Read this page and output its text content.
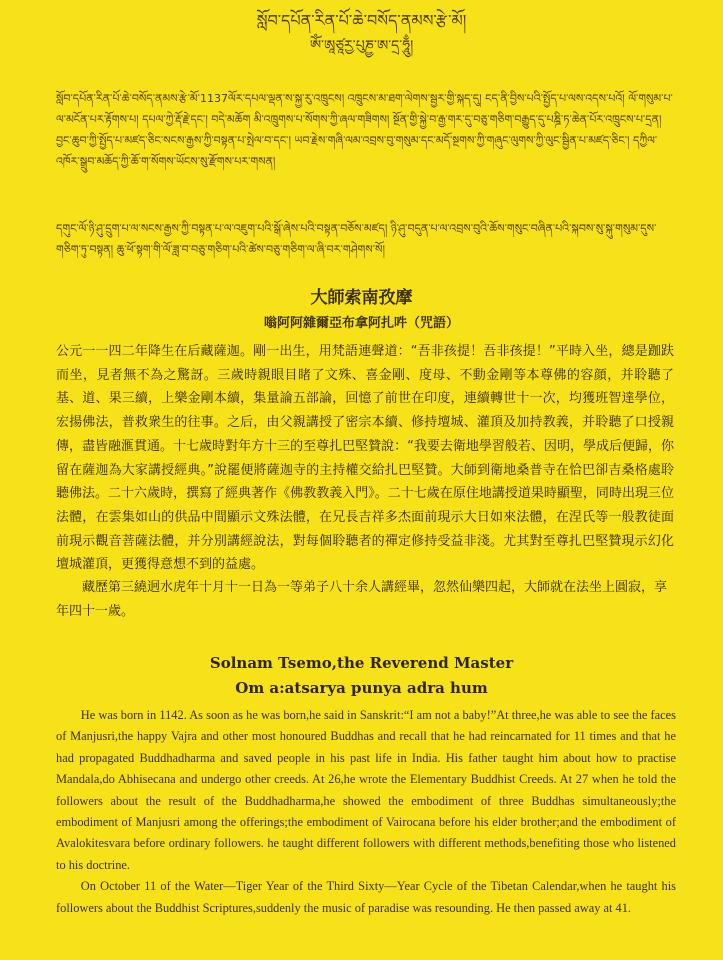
སློབ་དཔོན་རིན་པོ་ཆེ་བསོད་ནམས་རྩེ་མོ།
ཨོཾ་ཨཱཙཱརྱ་པུཎྱ་ཨ་དྲ་ཧཱུྃ།
སློབ་དཔོན་རིན་པོ་ཆེ་བསོད་ནམས་རྩེ་མོ་1137ལོར་དཔལ་ལྡན་ས་སྐྱ་རུ་འཁྲུངས། འཁྲུངས་མ་ཐག་ལེགས་སྦྱར་གྱི་སྐད་དུ། ངད་ནི་བྱིས་པའི་སྤྱོད་པ་ལས་འདས་པའོ། ལོ་གསུམ་པ་ལ་མངོན་པར་རྟོགས་པ། དཔལ་ཀྱེ་རྡོ་རྗེ་དང་། བདེ་མཆོག མི་འཁྲུགས་པ་སོགས་ཀྱི་ཞལ་གཟིགས། སྔོན་གྱི་སྐྱེ་བ་རྒྱ་གར་དུ་བཅུ་གཅིག་བརྒྱུད་དུ་པཎྜི་ཏ་ཆེན་པོར་འཁྲུངས་པ་དྲན། བྱང་ཆུབ་ཀྱི་སྤྱོད་པ་མཛད་ཅིང་སངས་རྒྱས་ཀྱི་བསྟན་པ་སྤེལ་བ་དང་། ཡབ་རྗེས་གཞི་ལམ་འབྲས་བུ་གསུམ་དང་མདོ་སྔགས་ཀྱི་གཞུང་ལུགས་ཀྱི་ལུང་སྦྱིན་པ་མཛད་ཅིང་། དཀྱིལ་འཁོར་སྒྲུབ་མཆོད་ཀྱི་ཆོ་ག་སོགས་ཡོངས་སུ་རྫོགས་པར་གསན།
དགུང་ལོ་ཉི་ཤུ་དྲུག་པ་ལ་སངས་རྒྱས་ཀྱི་བསྟན་པ་ལ་འཇུག་པའི་སྒོ་ཞེས་པའི་བསྟན་བཅོས་མཛད། ཉི་ཤུ་བདུན་པ་ལ་འབྲས་བུའི་ཆོས་གསུང་བཞིན་པའི་སྐབས་སུ་སྐུ་གསུམ་དུས་གཅིག་ཏུ་བསྟན། ཆུ་ཕོ་སྟག་གི་ལོ་ཟླ་བ་བཅུ་གཅིག་པའི་ཚེས་བཅུ་གཅིག་ལ་ཞི་བར་གཤེགས་སོ།
大師索南孜摩
嗡阿阿雜爾亞布拿阿扎吽（咒語）

公元一一四二年降生在后藏薩迦。剛一出生，用梵語連聲道：“吾非孩提！吾非孩提！”平時入坐，總是跏趺而坐，見者無不為之驚訝。三歲時親眼目睹了文殊、喜金剛、度母、不動金剛等本尊佛的容顔，并聆聽了基、道、果三續，上樂金剛本續，集量論五部論，回憶了前世在印度，連續轉世十一次，均獲班智達學位，宏揚佛法，普救衆生的往事。之后，由父親講授了密宗本續、修持壇城、灌頂及加持教義，并聆聽了口授親傳，盡皆融滙貫通。十七歲時對年方十三的至尊扎巴堅贊說：“我要去衛地學習般若、因明，學成后便歸，你留在薩迦為大家講授經典。”說罷便將薩迦寺的主持權交給扎巴堅贊。大師到衛地桑普寺在恰巴卻吉桑格處聆聽佛法。二十六歲時，撰寫了經典著作《佛教教義入門》。二十七歲在原住地講授道果時顯聖，同時出現三位法體，在雲集如山的供品中間顯示文殊法體，在兄長吉祥多杰面前現示大日如來法體，在涅氏等一般教徒面前現示觀音菩薩法體，并分別講經說法，對每個聆聽者的禪定修持受益非淺。尤其對至尊扎巴堅贊現示幻化壇城灌頂，更獲得意想不到的益處。

藏歷第三繞迥水虎年十月十一日為一等弟子八十余人講經畢，忽然仙樂四起，大師就在法坐上圓寂，享年四十一歲。

Solnam Tsemo,the Reverend Master
Om a:atsarya punya adra hum

He was born in 1142. As soon as he was born,he said in Sanskrit:“I am not a baby!”At three,he was able to see the faces of Manjusri,the happy Vajra and other most honoured Buddhas and recall that he had reincarnated for 11 times and that he had propagated Buddhadharma and saved people in his past life in India. His father taught him about how to practise Mandala,do Abhisecana and undergo other creeds. At 26,he wrote the Elementary Buddhist Creeds. At 27 when he told the followers about the result of the Buddhadharma,he showed the embodiment of three Buddhas simultaneously;the embodiment of Manjusri among the offerings;the embodiment of Vairocana before his elder brother;and the embodiment of Avalokitesvara before ordinary followers. he taught different followers with different methods,benefiting those who listened to his doctrine.

On October 11 of the Water—Tiger Year of the Third Sixty—Year Cycle of the Tibetan Calendar,when he taught his followers about the Buddhist Scriptures,suddenly the music of paradise was resounding. He then passed away at 41.
